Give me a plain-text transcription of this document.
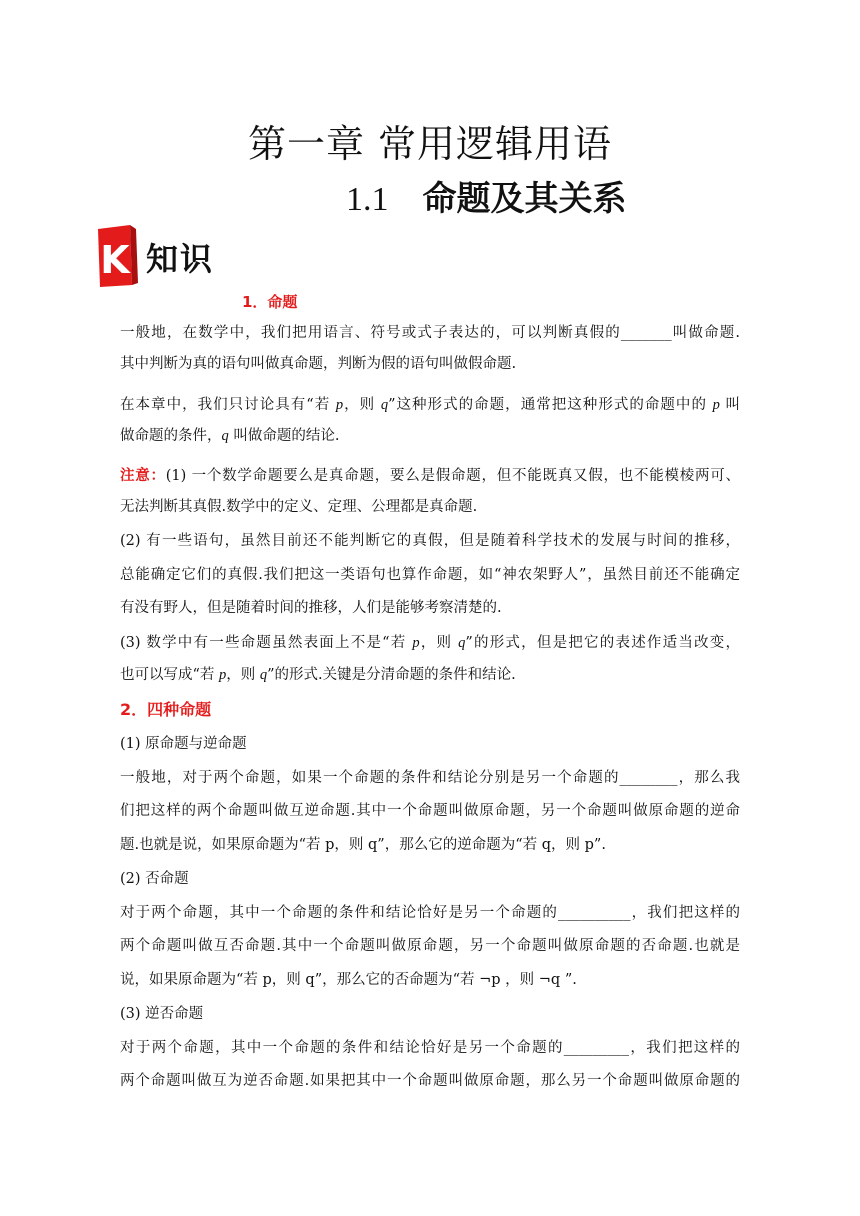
第一章 常用逻辑用语
1.1 命题及其关系
K 知识
1．命题
一般地，在数学中，我们把用语言、符号或式子表达的，可以判断真假的_______叫做命题.
其中判断为真的语句叫做真命题，判断为假的语句叫做假命题.
在本章中，我们只讨论具有“若 p，则 q”这种形式的命题，通常把这种形式的命题中的 p 叫
做命题的条件，q 叫做命题的结论.
注意：(1) 一个数学命题要么是真命题，要么是假命题，但不能既真又假，也不能模棱两可、
无法判断其真假.数学中的定义、定理、公理都是真命题.
(2) 有一些语句，虽然目前还不能判断它的真假，但是随着科学技术的发展与时间的推移，
总能确定它们的真假.我们把这一类语句也算作命题，如“神农架野人”，虽然目前还不能确定
有没有野人，但是随着时间的推移，人们是能够考察清楚的.
(3) 数学中有一些命题虽然表面上不是“若 p，则 q”的形式，但是把它的表述作适当改变，
也可以写成“若 p，则 q”的形式.关键是分清命题的条件和结论.
2．四种命题
(1) 原命题与逆命题
一般地，对于两个命题，如果一个命题的条件和结论分别是另一个命题的________，那么我
们把这样的两个命题叫做互逆命题.其中一个命题叫做原命题，另一个命题叫做原命题的逆命
题.也就是说，如果原命题为“若 p，则 q”，那么它的逆命题为“若 q，则 p”.
(2) 否命题
对于两个命题，其中一个命题的条件和结论恰好是另一个命题的__________，我们把这样的
两个命题叫做互否命题.其中一个命题叫做原命题，另一个命题叫做原命题的否命题.也就是
说，如果原命题为“若 p，则 q”，那么它的否命题为“若 ¬p ，则 ¬q ”.
(3) 逆否命题
对于两个命题，其中一个命题的条件和结论恰好是另一个命题的_________，我们把这样的
两个命题叫做互为逆否命题.如果把其中一个命题叫做原命题，那么另一个命题叫做原命题的
